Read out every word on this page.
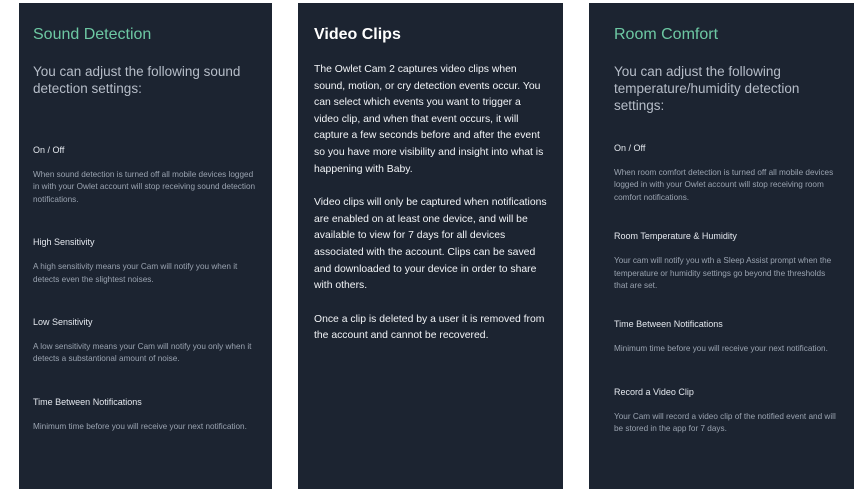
Sound Detection

You can adjust the following sound detection settings:

On / Off

When sound detection is turned off all mobile devices logged in with your Owlet account will stop receiving sound detection notifications.

High Sensitivity

A high sensitivity means your Cam will notify you when it detects even the slightest noises.

Low Sensitivity

A low sensitivity means your Cam will notify you only when it detects a substantional amount of noise.

Time Between Notifications

Minimum time before you will receive your next notification.

Video Clips

The Owlet Cam 2 captures video clips when sound, motion, or cry detection events occur. You can select which events you want to trigger a video clip, and when that event occurs, it will capture a few seconds before and after the event so you have more visibility and insight into what is happening with Baby.

Video clips will only be captured when notifications are enabled on at least one device, and will be available to view for 7 days for all devices associated with the account. Clips can be saved and downloaded to your device in order to share with others.

Once a clip is deleted by a user it is removed from the account and cannot be recovered.

Room Comfort

You can adjust the following temperature/humidity detection settings:

On / Off

When room comfort detection is turned off all mobile devices logged in with your Owlet account will stop receiving room comfort notifications.

Room Temperature & Humidity

Your cam will notify you wth a Sleep Assist prompt when the temperature or humidity settings go beyond the thresholds that are set.

Time Between Notifications

Minimum time before you will receive your next notification.

Record a Video Clip

Your Cam will record a video clip of the notified event and will be stored in the app for 7 days.
